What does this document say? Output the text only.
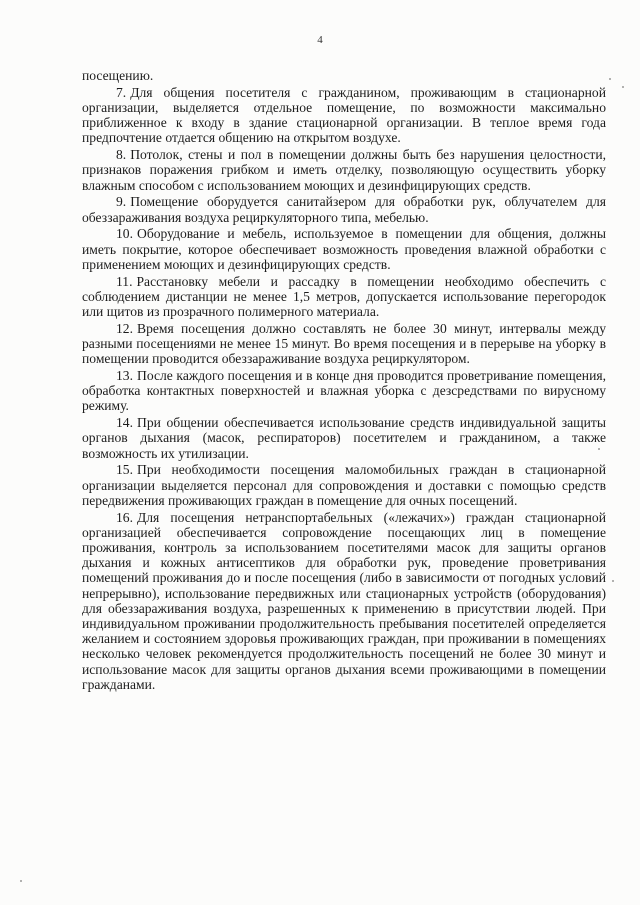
4

посещению.

7. Для общения посетителя с гражданином, проживающим в стационарной организации, выделяется отдельное помещение, по возможности максимально приближенное к входу в здание стационарной организации. В теплое время года предпочтение отдается общению на открытом воздухе.

8. Потолок, стены и пол в помещении должны быть без нарушения целостности, признаков поражения грибком и иметь отделку, позволяющую осуществить уборку влажным способом с использованием моющих и дезинфицирующих средств.

9. Помещение оборудуется санитайзером для обработки рук, облучателем для обеззараживания воздуха рециркуляторного типа, мебелью.

10. Оборудование и мебель, используемое в помещении для общения, должны иметь покрытие, которое обеспечивает возможность проведения влажной обработки с применением моющих и дезинфицирующих средств.

11. Расстановку мебели и рассадку в помещении необходимо обеспечить с соблюдением дистанции не менее 1,5 метров, допускается использование перегородок или щитов из прозрачного полимерного материала.

12. Время посещения должно составлять не более 30 минут, интервалы между разными посещениями не менее 15 минут. Во время посещения и в перерыве на уборку в помещении проводится обеззараживание воздуха рециркулятором.

13. После каждого посещения и в конце дня проводится проветривание помещения, обработка контактных поверхностей и влажная уборка с дезсредствами по вирусному режиму.

14. При общении обеспечивается использование средств индивидуальной защиты органов дыхания (масок, респираторов) посетителем и гражданином, а также возможность их утилизации.

15. При необходимости посещения маломобильных граждан в стационарной организации выделяется персонал для сопровождения и доставки с помощью средств передвижения проживающих граждан в помещение для очных посещений.

16. Для посещения нетранспортабельных («лежачих») граждан стационарной организацией обеспечивается сопровождение посещающих лиц в помещение проживания, контроль за использованием посетителями масок для защиты органов дыхания и кожных антисептиков для обработки рук, проведение проветривания помещений проживания до и после посещения (либо в зависимости от погодных условий непрерывно), использование передвижных или стационарных устройств (оборудования) для обеззараживания воздуха, разрешенных к применению в присутствии людей. При индивидуальном проживании продолжительность пребывания посетителей определяется желанием и состоянием здоровья проживающих граждан, при проживании в помещениях несколько человек рекомендуется продолжительность посещений не более 30 минут и использование масок для защиты органов дыхания всеми проживающими в помещении гражданами.
